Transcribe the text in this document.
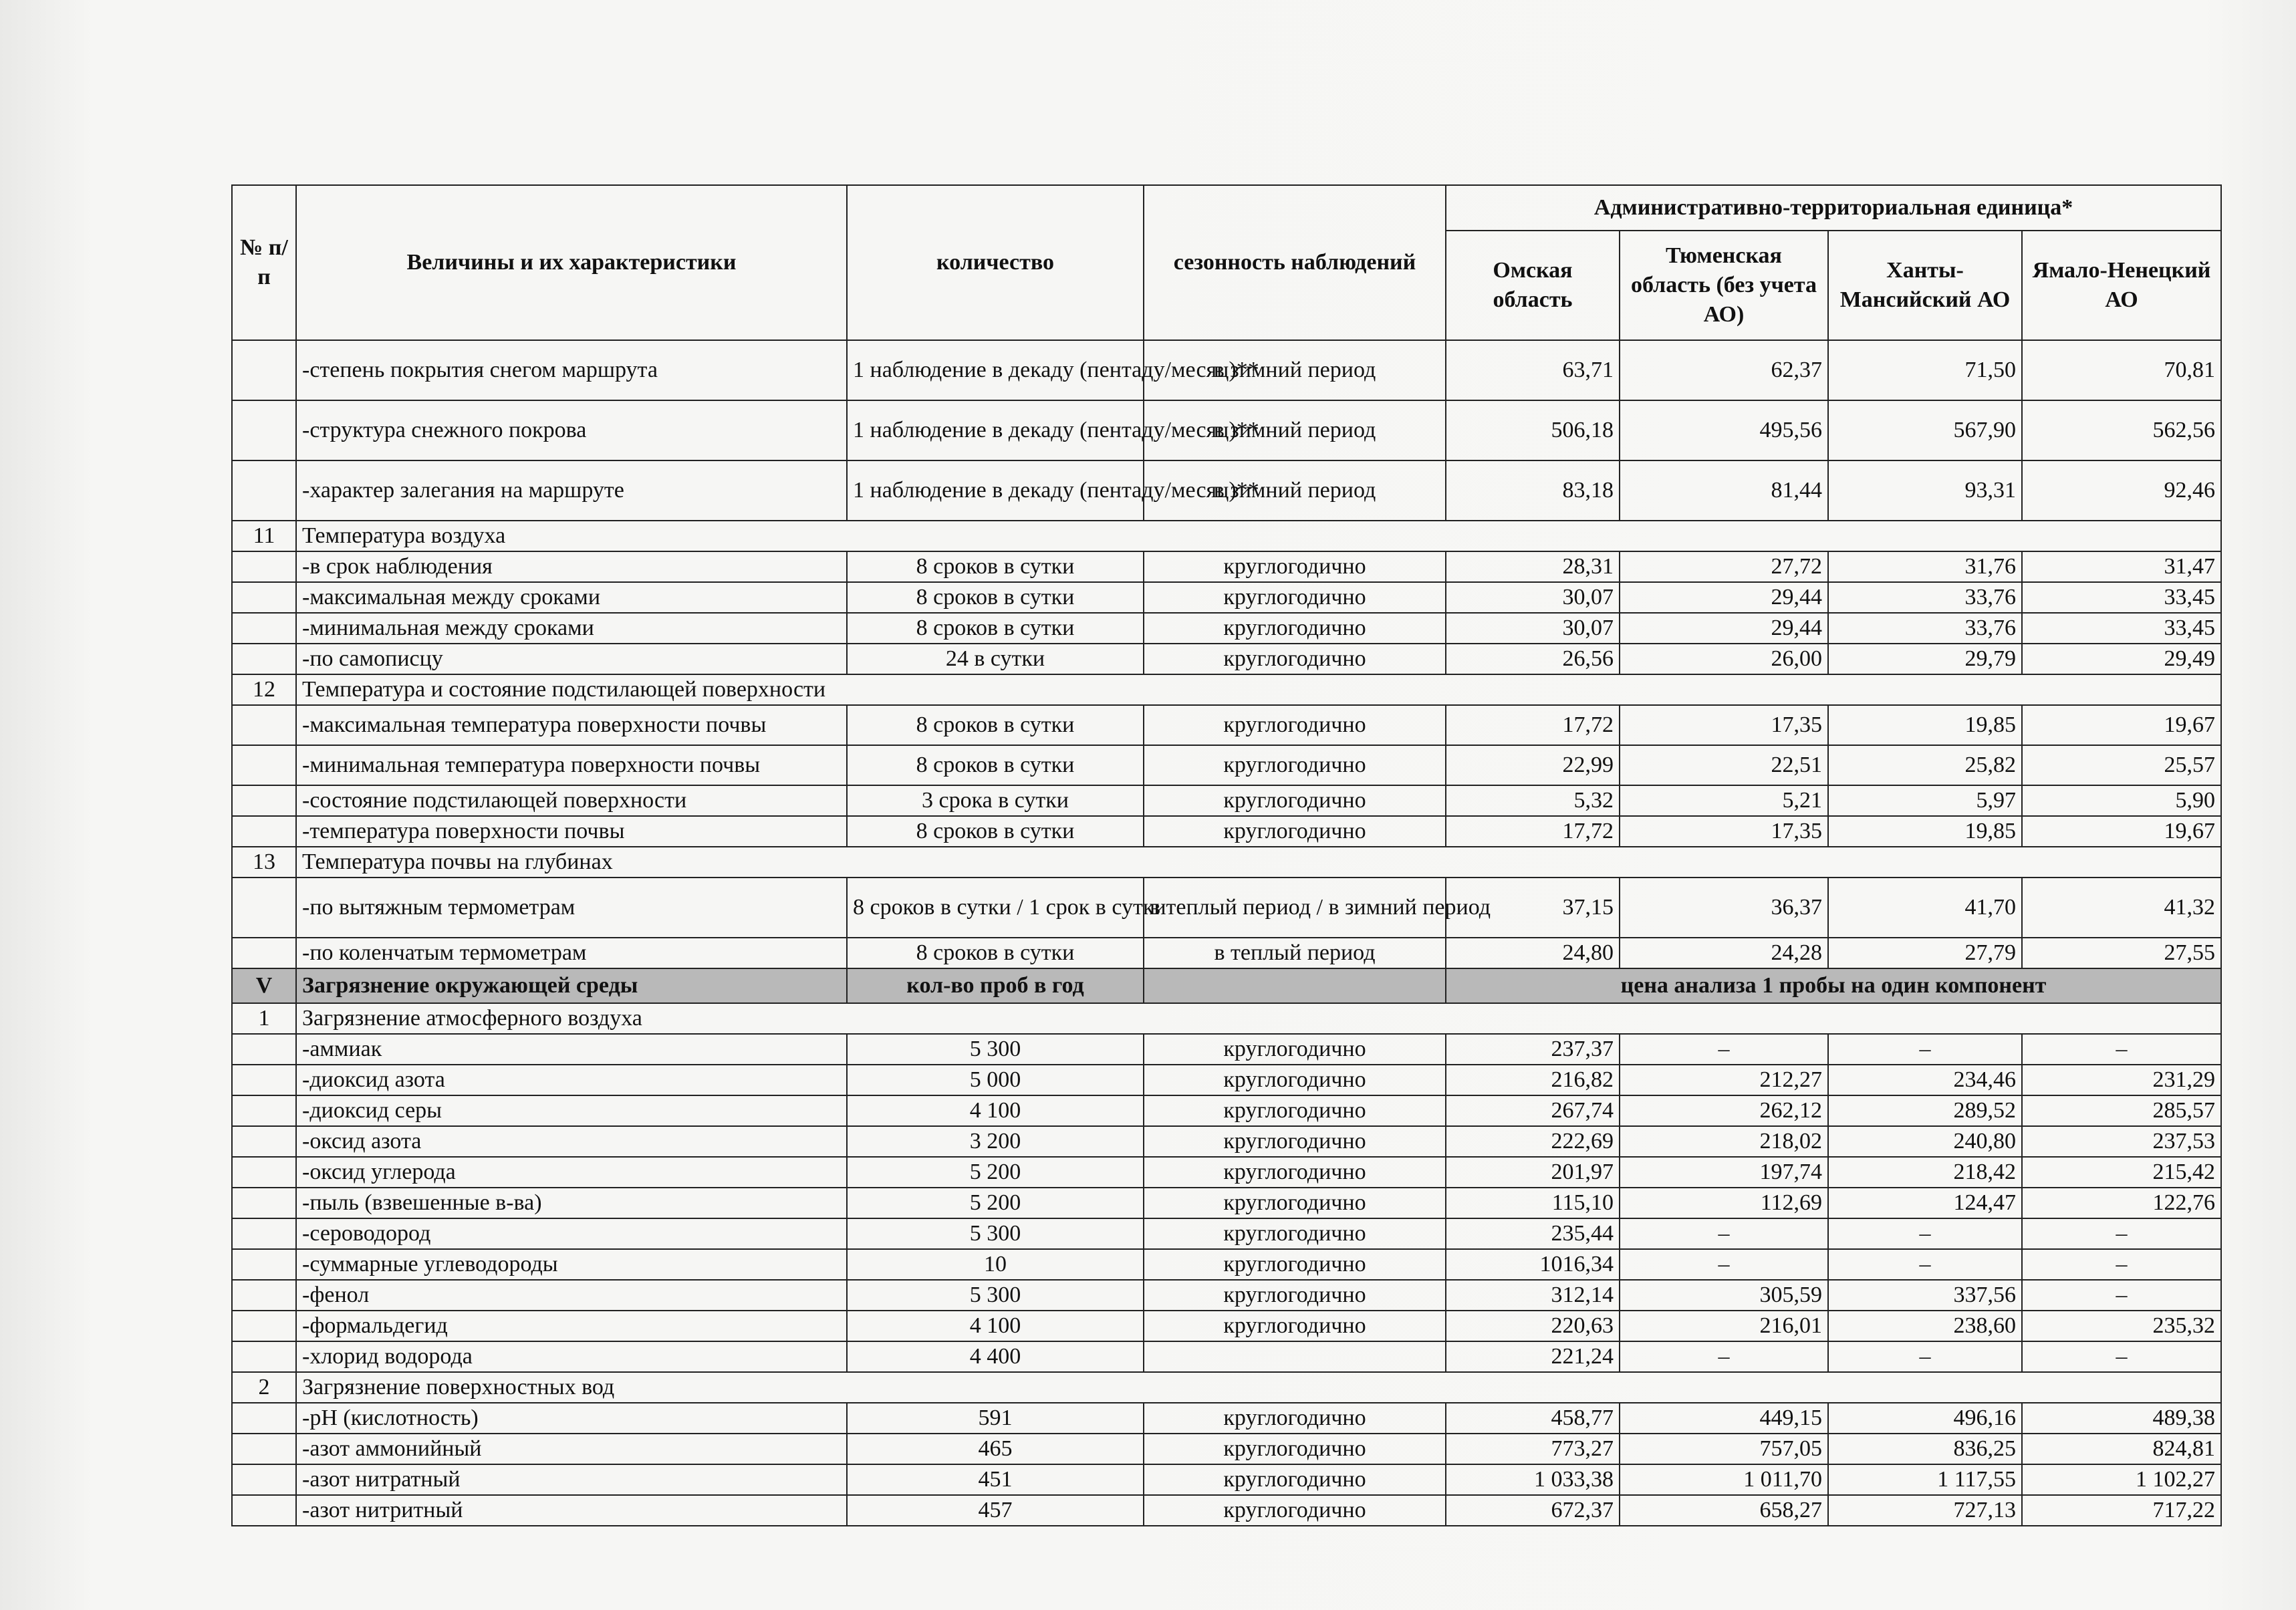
№ п/п	Величины и их характеристики	количество	сезонность наблюдений	Административно-территориальная единица*			
				Омская область	Тюменская область (без учета АО)	Ханты-Мансийский АО	Ямало-Ненецкий АО
	-степень покрытия снегом маршрута	1 наблюдение в декаду (пентаду/месяц)**	в зимний период	63,71	62,37	71,50	70,81
	-структура снежного покрова	1 наблюдение в декаду (пентаду/месяц)**	в зимний период	506,18	495,56	567,90	562,56
	-характер залегания на маршруте	1 наблюдение в декаду (пентаду/месяц)**	в зимний период	83,18	81,44	93,31	92,46
11	Температура воздуха						
	-в срок наблюдения	8 сроков в сутки	круглогодично	28,31	27,72	31,76	31,47
	-максимальная между сроками	8 сроков в сутки	круглогодично	30,07	29,44	33,76	33,45
	-минимальная между сроками	8 сроков в сутки	круглогодично	30,07	29,44	33,76	33,45
	-по самописцу	24 в сутки	круглогодично	26,56	26,00	29,79	29,49
12	Температура и состояние подстилающей поверхности						
	-максимальная температура поверхности почвы	8 сроков в сутки	круглогодично	17,72	17,35	19,85	19,67
	-минимальная температура поверхности почвы	8 сроков в сутки	круглогодично	22,99	22,51	25,82	25,57
	-состояние подстилающей поверхности	3 срока в сутки	круглогодично	5,32	5,21	5,97	5,90
	-температура поверхности почвы	8 сроков в сутки	круглогодично	17,72	17,35	19,85	19,67
13	Температура почвы на глубинах						
	-по вытяжным термометрам	8 сроков в сутки / 1 срок в сутки	в теплый период / в зимний период	37,15	36,37	41,70	41,32
	-по коленчатым термометрам	8 сроков в сутки	в теплый период	24,80	24,28	27,79	27,55
V	Загрязнение окружающей среды	кол-во проб в год		цена анализа 1 пробы на один компонент			
1	Загрязнение атмосферного воздуха						
	-аммиак	5 300	круглогодично	237,37	–	–	–
	-диоксид азота	5 000	круглогодично	216,82	212,27	234,46	231,29
	-диоксид серы	4 100	круглогодично	267,74	262,12	289,52	285,57
	-оксид азота	3 200	круглогодично	222,69	218,02	240,80	237,53
	-оксид углерода	5 200	круглогодично	201,97	197,74	218,42	215,42
	-пыль (взвешенные в-ва)	5 200	круглогодично	115,10	112,69	124,47	122,76
	-сероводород	5 300	круглогодично	235,44	–	–	–
	-суммарные углеводороды	10	круглогодично	1016,34	–	–	–
	-фенол	5 300	круглогодично	312,14	305,59	337,56	–
	-формальдегид	4 100	круглогодично	220,63	216,01	238,60	235,32
	-хлорид водорода	4 400		221,24	–	–	–
2	Загрязнение поверхностных вод						
	-pH (кислотность)	591	круглогодично	458,77	449,15	496,16	489,38
	-азот аммонийный	465	круглогодично	773,27	757,05	836,25	824,81
	-азот нитратный	451	круглогодично	1 033,38	1 011,70	1 117,55	1 102,27
	-азот нитритный	457	круглогодично	672,37	658,27	727,13	717,22
